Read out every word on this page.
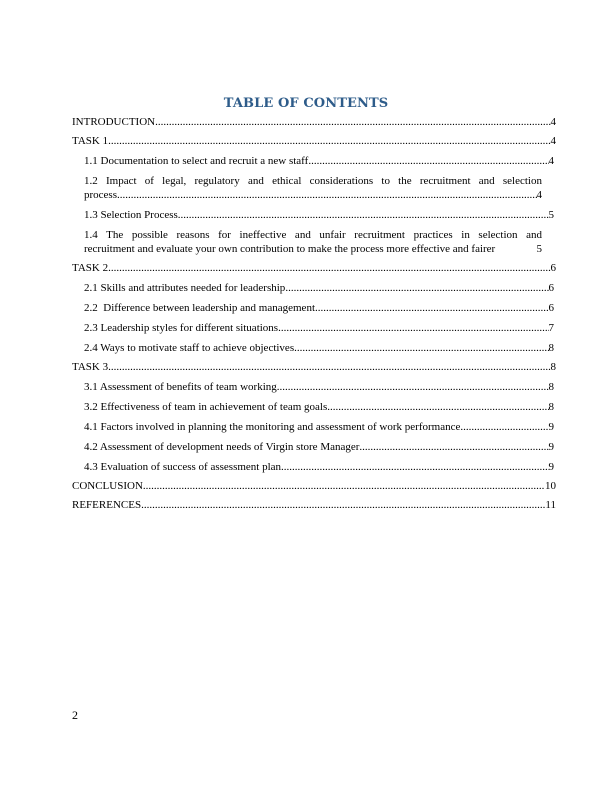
TABLE OF CONTENTS
INTRODUCTION .....	4
TASK 1 .....	4
1.1 Documentation to select and recruit a new staff .....	4
1.2 Impact of legal, regulatory and ethical considerations to the recruitment and selection
process .....	4
1.3 Selection Process .....	5
1.4 The possible reasons for ineffective and unfair recruitment practices in selection and
recruitment and evaluate your own contribution to make the process more effective and fairer	5
TASK 2 .....	6
2.1 Skills and attributes needed for leadership .....	6
2.2  Difference between leadership and management .....	6
2.3 Leadership styles for different situations .....	7
2.4 Ways to motivate staff to achieve objectives .....	8
TASK 3 .....	8
3.1 Assessment of benefits of team working .....	8
3.2 Effectiveness of team in achievement of team goals .....	8
4.1 Factors involved in planning the monitoring and assessment of work performance .....	9
4.2 Assessment of development needs of Virgin store Manager .....	9
4.3 Evaluation of success of assessment plan .....	9
CONCLUSION .....	10
REFERENCES .....	11
2
